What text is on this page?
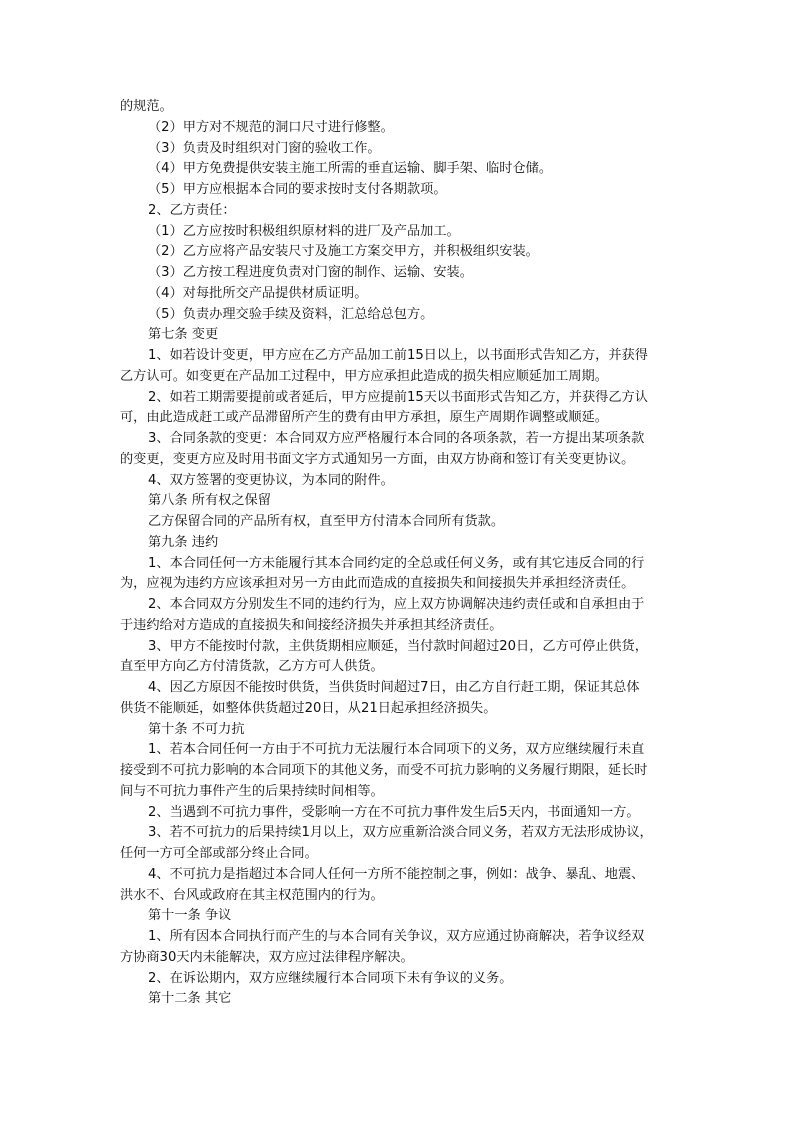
的规范。
（2）甲方对不规范的洞口尺寸进行修整。
（3）负责及时组织对门窗的验收工作。
（4）甲方免费提供安装主施工所需的垂直运输、脚手架、临时仓储。
（5）甲方应根据本合同的要求按时支付各期款项。
2、乙方责任：
（1）乙方应按时积极组织原材料的进厂及产品加工。
（2）乙方应将产品安装尺寸及施工方案交甲方，并积极组织安装。
（3）乙方按工程进度负责对门窗的制作、运输、安装。
（4）对每批所交产品提供材质证明。
（5）负责办理交验手续及资料，汇总给总包方。
第七条 变更
1、如若设计变更，甲方应在乙方产品加工前15日以上，以书面形式告知乙方，并获得
乙方认可。如变更在产品加工过程中，甲方应承担此造成的损失相应顺延加工周期。
2、如若工期需要提前或者延后，甲方应提前15天以书面形式告知乙方，并获得乙方认
可，由此造成赶工或产品滞留所产生的费有由甲方承担，原生产周期作调整或顺延。
3、合同条款的变更：本合同双方应严格履行本合同的各项条款，若一方提出某项条款
的变更，变更方应及时用书面文字方式通知另一方面，由双方协商和签订有关变更协议。
4、双方签署的变更协议，为本同的附件。
第八条 所有权之保留
乙方保留合同的产品所有权，直至甲方付清本合同所有货款。
第九条 违约
1、本合同任何一方未能履行其本合同约定的全总或任何义务，或有其它违反合同的行
为，应视为违约方应该承担对另一方由此而造成的直接损失和间接损失并承担经济责任。
2、本合同双方分别发生不同的违约行为，应上双方协调解决违约责任或和自承担由于
于违约给对方造成的直接损失和间接经济损失并承担其经济责任。
3、甲方不能按时付款，主供货期相应顺延，当付款时间超过20日，乙方可停止供货，
直至甲方向乙方付清货款，乙方方可人供货。
4、因乙方原因不能按时供货，当供货时间超过7日，由乙方自行赶工期，保证其总体
供货不能顺延，如整体供货超过20日，从21日起承担经济损失。
第十条 不可力抗
1、若本合同任何一方由于不可抗力无法履行本合同项下的义务，双方应继续履行未直
接受到不可抗力影响的本合同项下的其他义务，而受不可抗力影响的义务履行期限，延长时
间与不可抗力事件产生的后果持续时间相等。
2、当遇到不可抗力事件，受影响一方在不可抗力事件发生后5天内，书面通知一方。
3、若不可抗力的后果持续1月以上，双方应重新洽淡合同义务，若双方无法形成协议，
任何一方可全部或部分终止合同。
4、不可抗力是指超过本合同人任何一方所不能控制之事，例如：战争、暴乱、地震、
洪水不、台风或政府在其主权范围内的行为。
第十一条 争议
1、所有因本合同执行而产生的与本合同有关争议，双方应通过协商解决，若争议经双
方协商30天内未能解决，双方应过法律程序解决。
2、在诉讼期内，双方应继续履行本合同项下未有争议的义务。
第十二条 其它
